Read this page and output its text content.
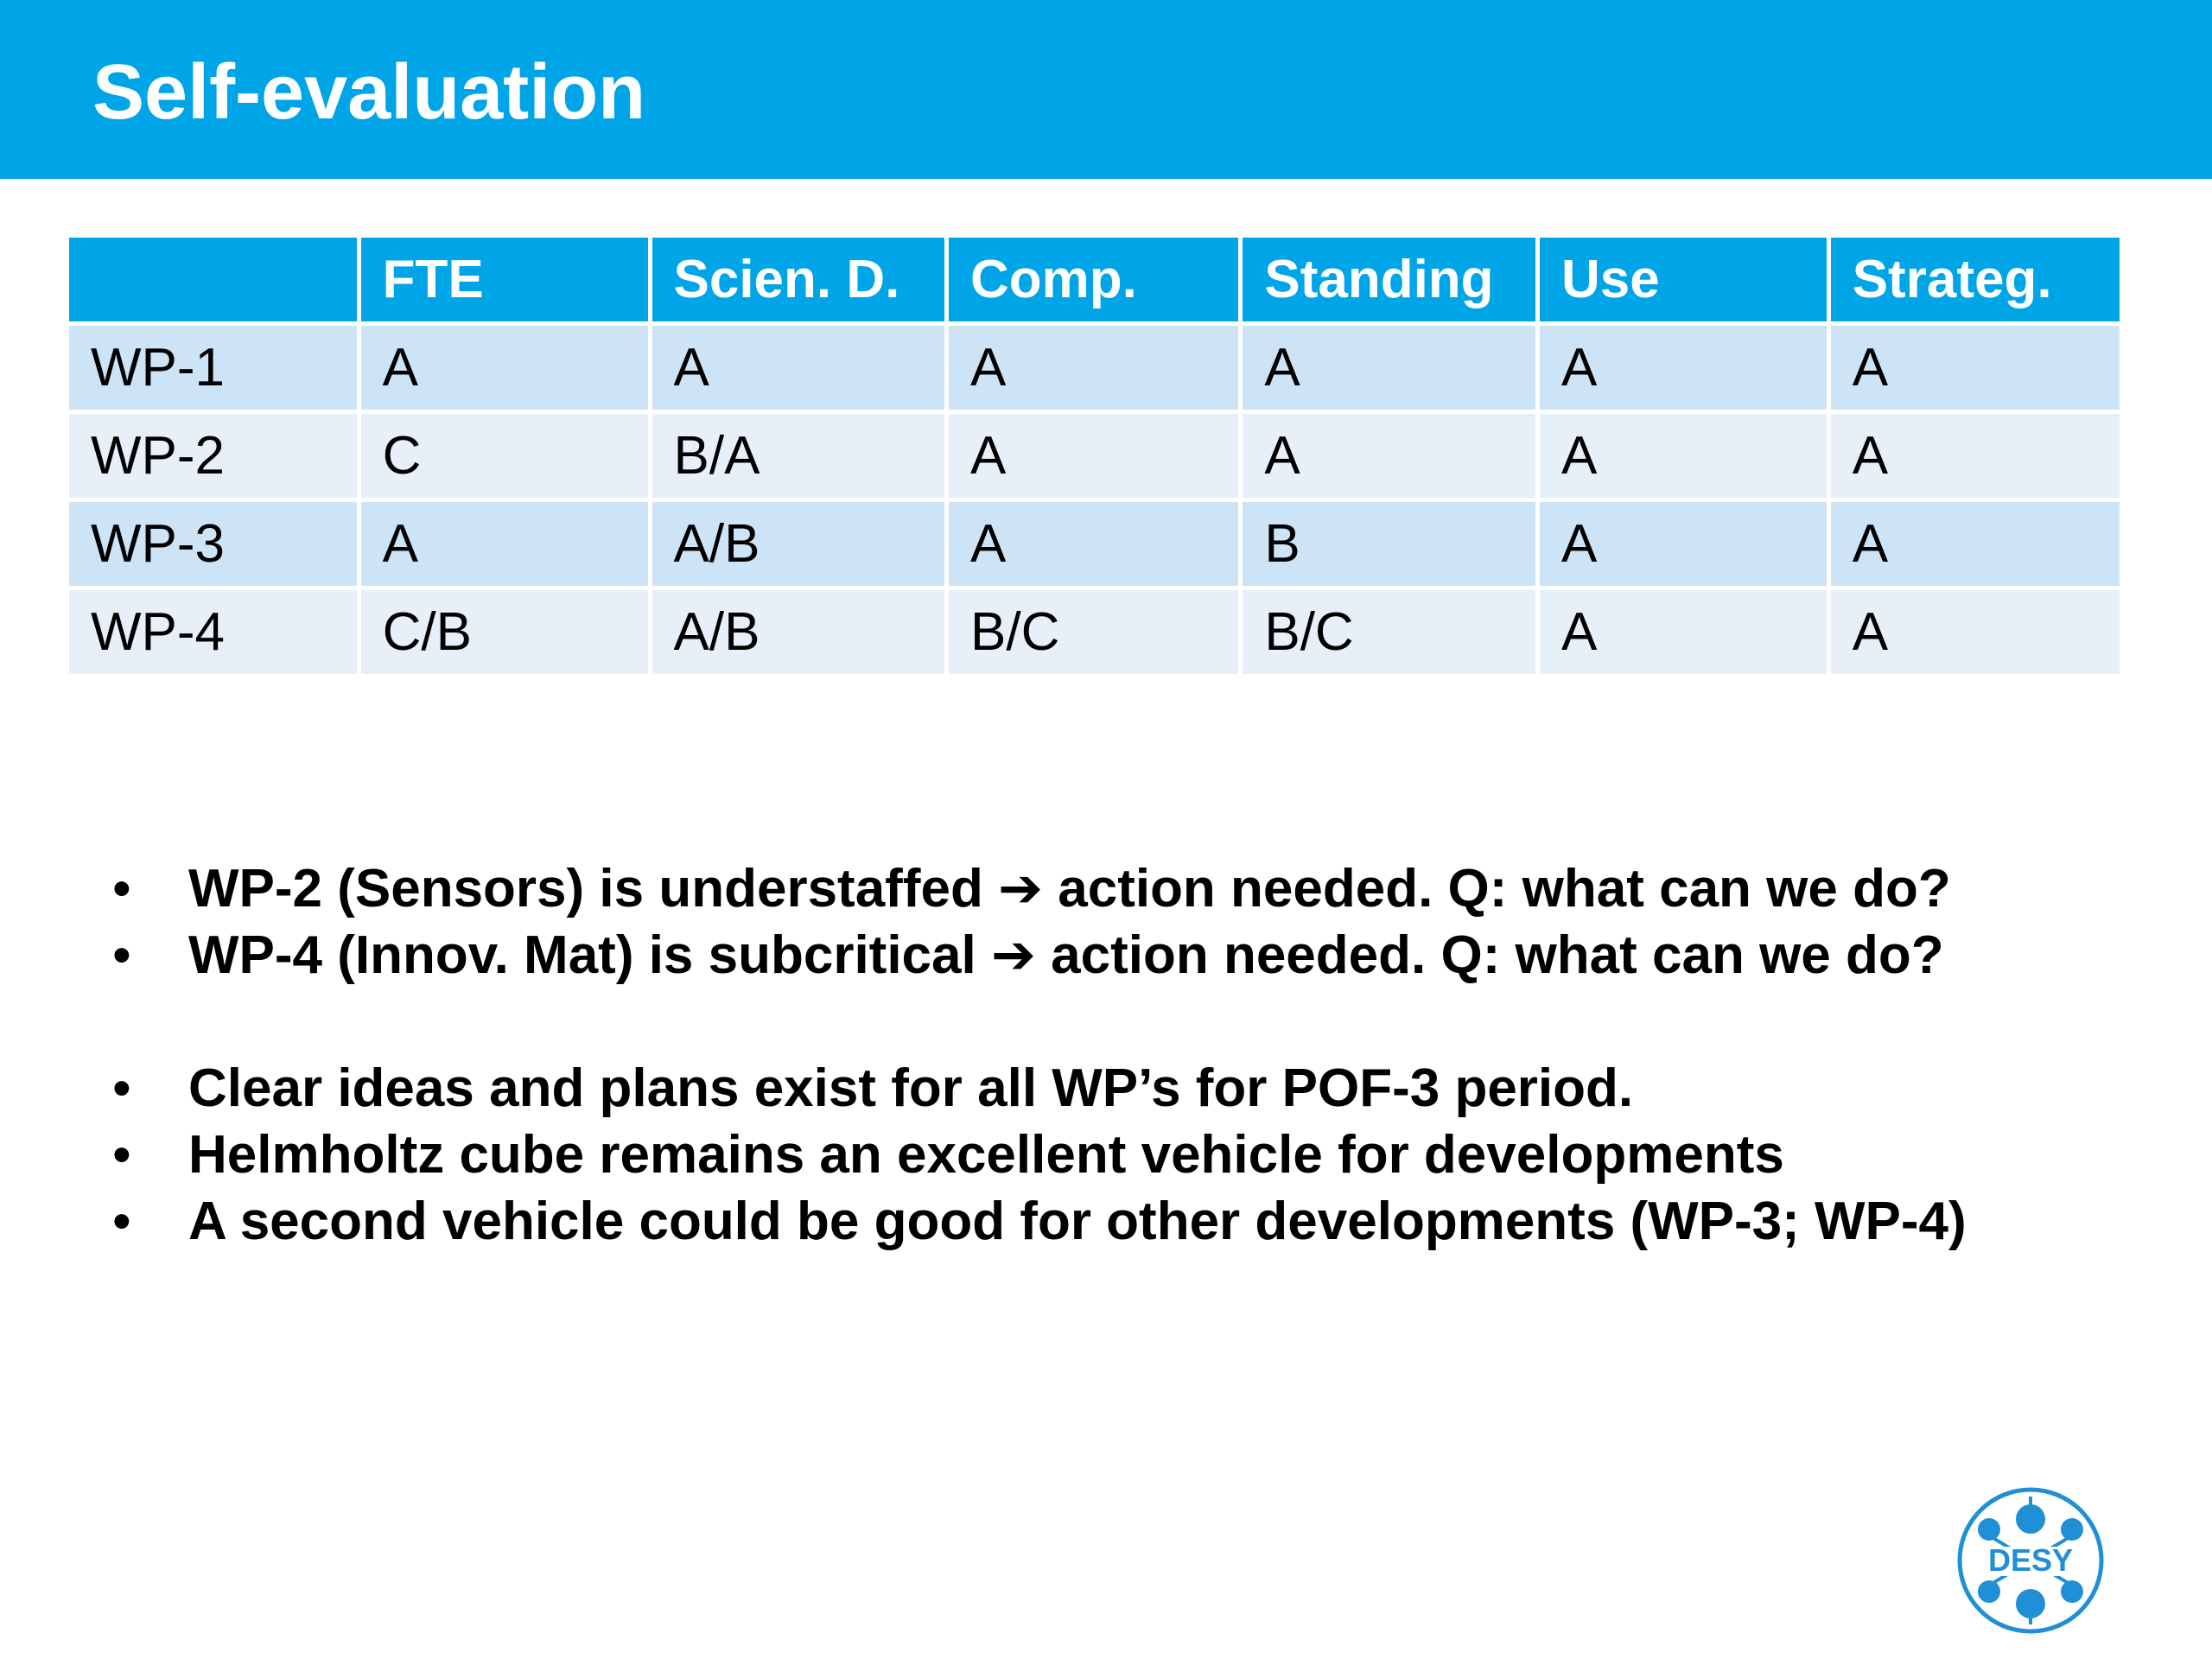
Self-evaluation
	FTE	Scien. D.	Comp.	Standing	Use	Strateg.
WP-1	A	A	A	A	A	A
WP-2	C	B/A	A	A	A	A
WP-3	A	A/B	A	B	A	A
WP-4	C/B	A/B	B/C	B/C	A	A
• WP-2 (Sensors) is understaffed ➔ action needed. Q: what can we do?
• WP-4 (Innov. Mat) is subcritical ➔ action needed. Q: what can we do?
• Clear ideas and plans exist for all WP’s for POF-3 period.
• Helmholtz cube remains an excellent vehicle for developments
• A second vehicle could be good for other developments (WP-3; WP-4)
DESY
